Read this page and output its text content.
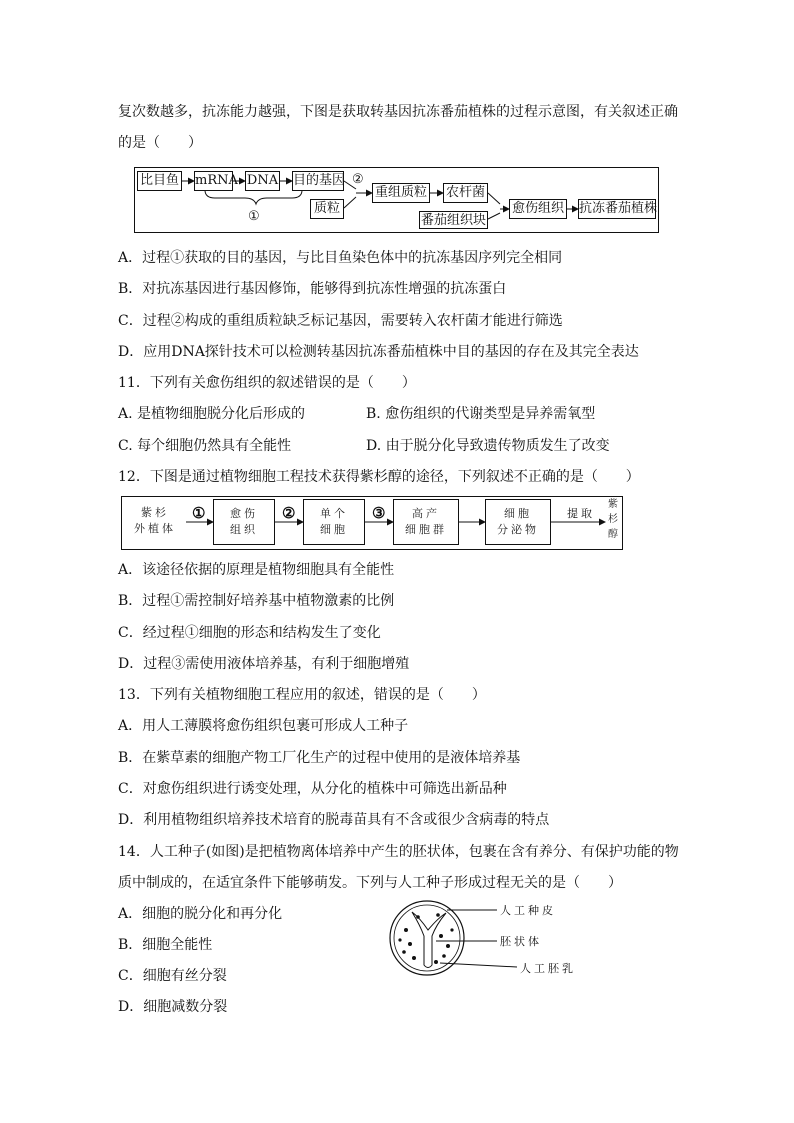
复次数越多，抗冻能力越强，下图是获取转基因抗冻番茄植株的过程示意图，有关叙述正确
的是（　　）
比目鱼 mRNA DNA 目的基因
①
②
质粒
重组质粒 农杆菌
番茄组织块
愈伤组织 抗冻番茄植株
A．过程①获取的目的基因，与比目鱼染色体中的抗冻基因序列完全相同
B．对抗冻基因进行基因修饰，能够得到抗冻性增强的抗冻蛋白
C．过程②构成的重组质粒缺乏标记基因，需要转入农杆菌才能进行筛选
D．应用DNA探针技术可以检测转基因抗冻番茄植株中目的基因的存在及其完全表达
11．下列有关愈伤组织的叙述错误的是（　　）
A. 是植物细胞脱分化后形成的	B. 愈伤组织的代谢类型是异养需氧型
C. 每个细胞仍然具有全能性	D. 由于脱分化导致遗传物质发生了改变
12．下图是通过植物细胞工程技术获得紫杉醇的途径，下列叙述不正确的是（　　）
紫杉
外植体
①	愈伤
组织
②	单个
细胞
③	高产
细胞群
细胞
分泌物
提取
紫
杉
醇
A．该途径依据的原理是植物细胞具有全能性
B．过程①需控制好培养基中植物激素的比例
C．经过程①细胞的形态和结构发生了变化
D．过程③需使用液体培养基，有利于细胞增殖
13．下列有关植物细胞工程应用的叙述，错误的是（　　）
A．用人工薄膜将愈伤组织包裹可形成人工种子
B．在紫草素的细胞产物工厂化生产的过程中使用的是液体培养基
C．对愈伤组织进行诱变处理，从分化的植株中可筛选出新品种
D．利用植物组织培养技术培育的脱毒苗具有不含或很少含病毒的特点
14．人工种子(如图)是把植物离体培养中产生的胚状体，包裹在含有养分、有保护功能的物
质中制成的，在适宜条件下能够萌发。下列与人工种子形成过程无关的是（　　）
A．细胞的脱分化和再分化
B．细胞全能性
C．细胞有丝分裂
D．细胞减数分裂
人工种皮
胚状体
人工胚乳
